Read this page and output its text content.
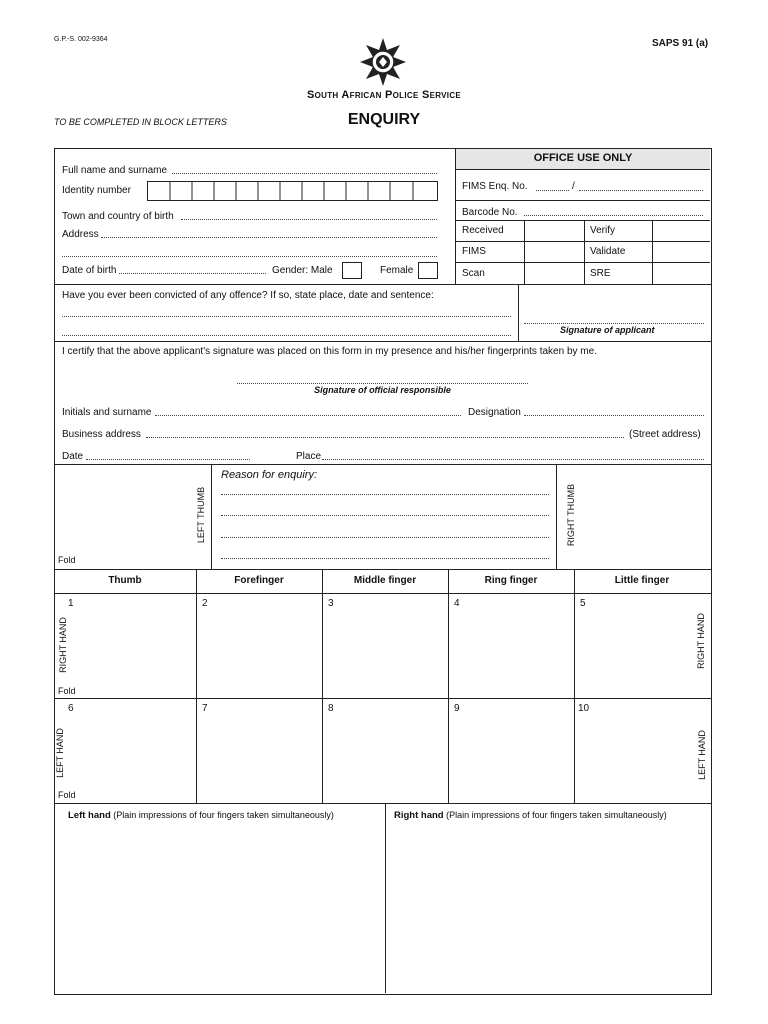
G.P.-S. 002-9364	SAPS 91 (a)
South African Police Service
TO BE COMPLETED IN BLOCK LETTERS	ENQUIRY
Full name and surname
Identity number
Town and country of birth
Address
Date of birth	Gender: Male	Female
OFFICE USE ONLY
FIMS Enq. No.	/
Barcode No.
Received	Verify
FIMS	Validate
Scan	SRE
Have you ever been convicted of any offence? If so, state place, date and sentence:
Signature of applicant
I certify that the above applicant's signature was placed on this form in my presence and his/her fingerprints taken by me.
Signature of official responsible
Initials and surname	Designation
Business address	(Street address)
Date	Place
LEFT THUMB
Fold
Reason for enquiry:
RIGHT THUMB
Thumb	Forefinger	Middle finger	Ring finger	Little finger
1	2	3	4	5
RIGHT HAND	RIGHT HAND
Fold
6	7	8	9	10
LEFT HAND	LEFT HAND
Fold
Left hand (Plain impressions of four fingers taken simultaneously)	Right hand (Plain impressions of four fingers taken simultaneously)
